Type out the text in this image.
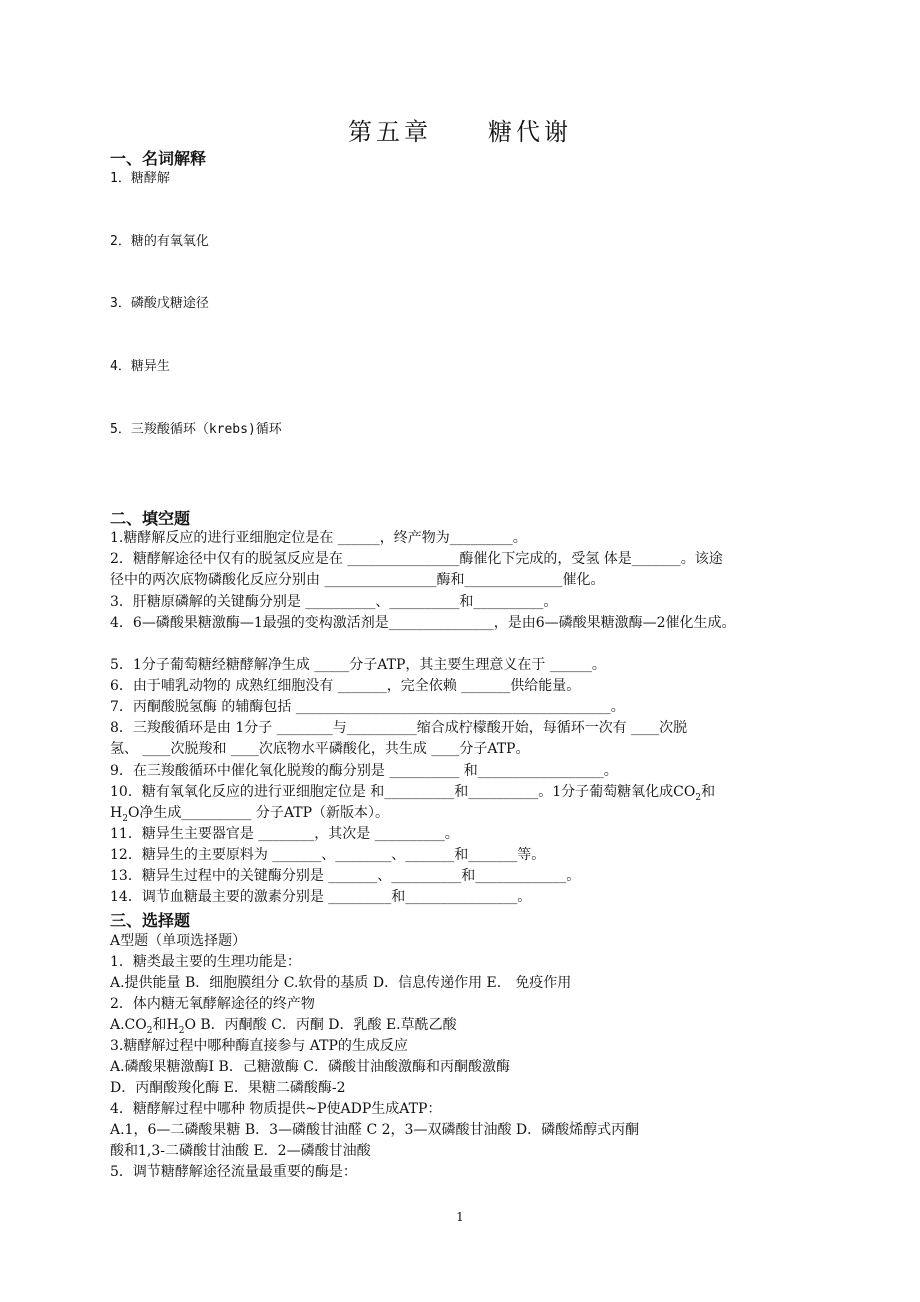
第五章 糖代谢
一、名词解释
1．糖酵解
2．糖的有氧氧化
3．磷酸戊糖途径
4．糖异生
5．三羧酸循环（krebs)循环
二、填空题
1.糖酵解反应的进行亚细胞定位是在 ______，终产物为_________。
2．糖酵解途径中仅有的脱氢反应是在 ________________酶催化下完成的，受氢 体是_______。该途
径中的两次底物磷酸化反应分别由 ________________酶和______________催化。
3．肝糖原磷解的关键酶分别是 __________、__________和__________。
4．6—磷酸果糖激酶—1最强的变构激活剂是_______________，是由6—磷酸果糖激酶—2催化生成。
5．1分子葡萄糖经糖酵解净生成 _____分子ATP，其主要生理意义在于 ______。
6．由于哺乳动物的 成熟红细胞没有 _______，完全依赖 _______供给能量。
7．丙酮酸脱氢酶 的辅酶包括 _____________________________________________。
8．三羧酸循环是由 1分子 ________与__________缩合成柠檬酸开始，每循环一次有 ____次脱
氢、 ____次脱羧和 ____次底物水平磷酸化，共生成 ____分子ATP。
9．在三羧酸循环中催化氧化脱羧的酶分别是 __________ 和__________________。
10．糖有氧氧化反应的进行亚细胞定位是 和__________和__________。1分子葡萄糖氧化成$CO_2$和
$H_2O$净生成__________ 分子ATP（新版本）。
11．糖异生主要器官是 ________，其次是 __________。
12．糖异生的主要原料为 _______、________、_______和_______等。
13．糖异生过程中的关键酶分别是 _______、__________和_____________。
14．调节血糖最主要的激素分别是 _________和________________。
三、选择题
A型题（单项选择题）
1．糖类最主要的生理功能是：
A.提供能量 B．细胞膜组分 C.软骨的基质 D．信息传递作用 E． 免疫作用
2．体内糖无氧酵解途径的终产物
$A.CO_2$和$H_2O$ B．丙酮酸 C．丙酮 D．乳酸 E.草酰乙酸
3.糖酵解过程中哪种酶直接参与 ATP的生成反应
A.磷酸果糖激酶Ⅰ B．己糖激酶 C．磷酸甘油酸激酶和丙酮酸激酶
D．丙酮酸羧化酶 E．果糖二磷酸酶-2
4．糖酵解过程中哪种 物质提供~P使ADP生成ATP：
A.1，6—二磷酸果糖 B．3—磷酸甘油醛 C 2，3—双磷酸甘油酸 D．磷酸烯醇式丙酮
酸和1,3-二磷酸甘油酸 E．2—磷酸甘油酸
5．调节糖酵解途径流量最重要的酶是：
1
